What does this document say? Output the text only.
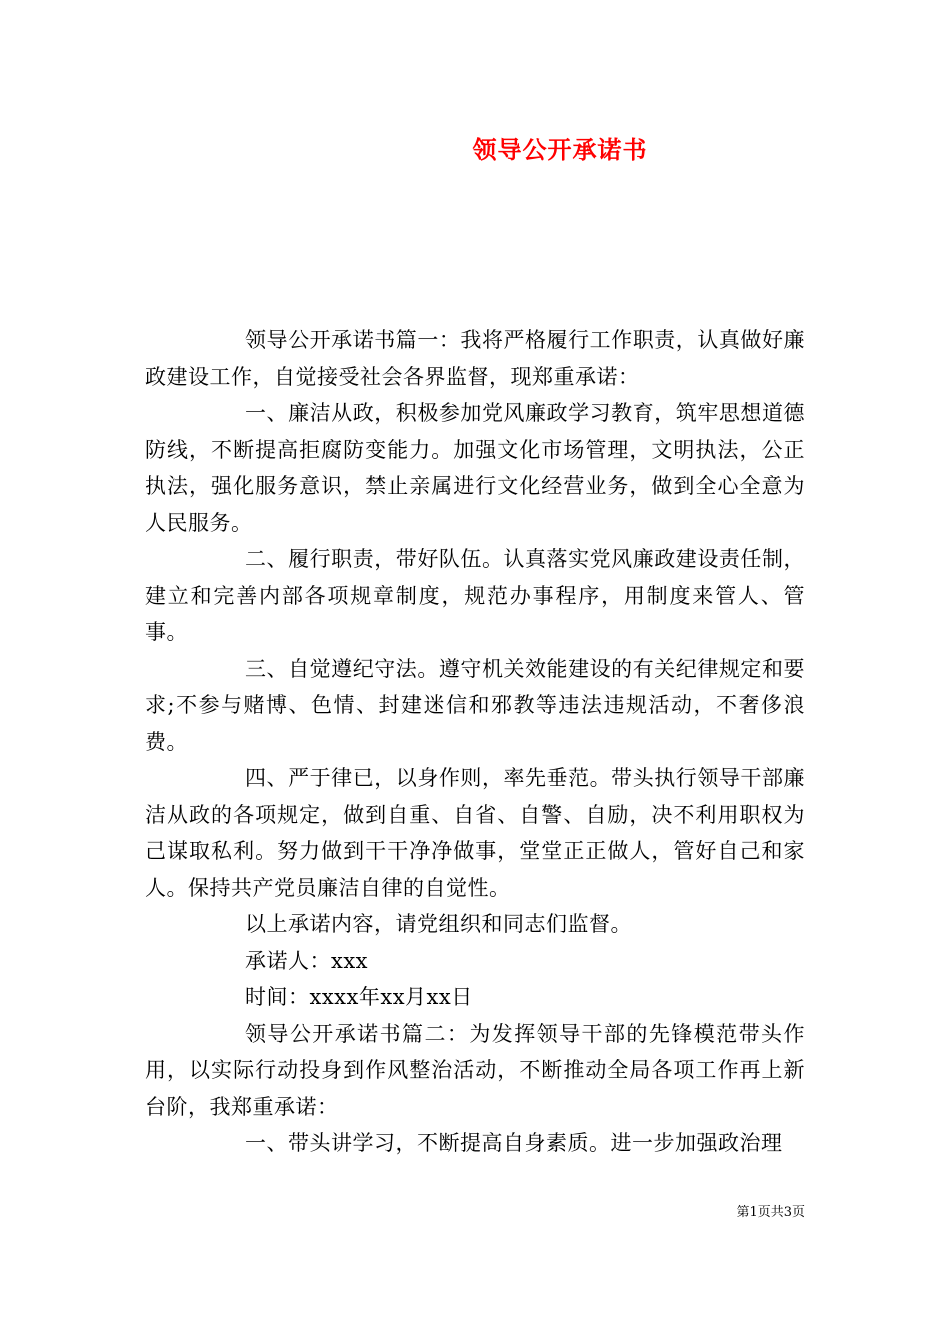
领导公开承诺书

领导公开承诺书篇一：我将严格履行工作职责，认真做好廉政建设工作，自觉接受社会各界监督，现郑重承诺：

一、廉洁从政，积极参加党风廉政学习教育，筑牢思想道德防线，不断提高拒腐防变能力。加强文化市场管理，文明执法，公正执法，强化服务意识，禁止亲属进行文化经营业务，做到全心全意为人民服务。

二、履行职责，带好队伍。认真落实党风廉政建设责任制，建立和完善内部各项规章制度，规范办事程序，用制度来管人、管事。

三、自觉遵纪守法。遵守机关效能建设的有关纪律规定和要求;不参与赌博、色情、封建迷信和邪教等违法违规活动，不奢侈浪费。

四、严于律已，以身作则，率先垂范。带头执行领导干部廉洁从政的各项规定，做到自重、自省、自警、自励，决不利用职权为己谋取私利。努力做到干干净净做事，堂堂正正做人，管好自己和家人。保持共产党员廉洁自律的自觉性。

以上承诺内容，请党组织和同志们监督。

承诺人：xxx

时间：xxxx年xx月xx日

领导公开承诺书篇二：为发挥领导干部的先锋模范带头作用，以实际行动投身到作风整治活动，不断推动全局各项工作再上新台阶，我郑重承诺：

一、带头讲学习，不断提高自身素质。进一步加强政治理

第1页共3页
